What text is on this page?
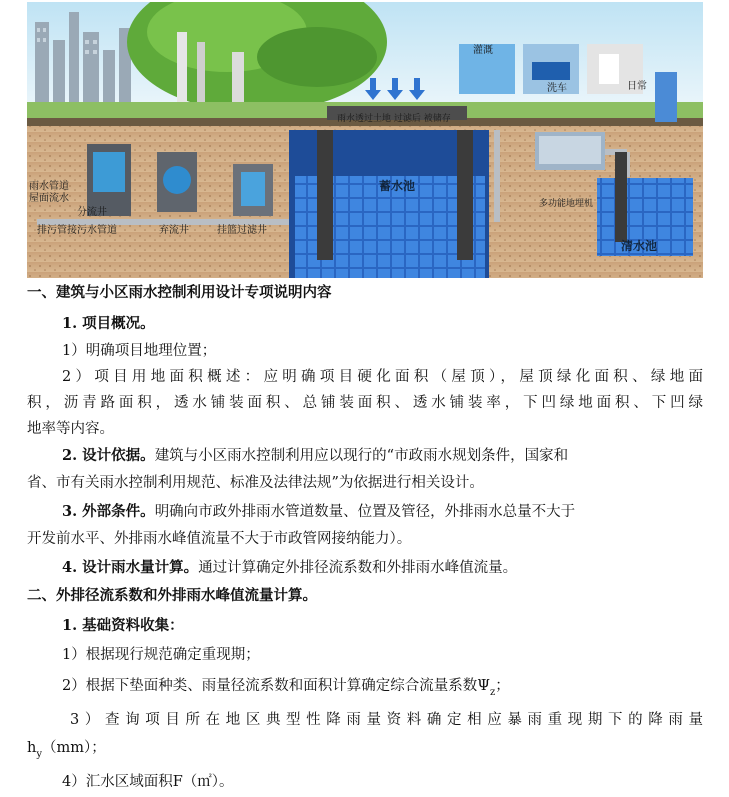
雨水透过土地 过滤后 被储存
灌溉
洗车	日常
蓄水池
清水池
雨水管道
屋面流水
分流井
排污管接污水管道	弃流井	挂篮过滤井
多功能地埋机
一、建筑与小区雨水控制利用设计专项说明内容
1. 项目概况。
1）明确项目地理位置；
2）项目用地面积概述：应明确项目硬化面积（屋顶），屋顶绿化面积、绿地面
积，沥青路面积，透水铺装面积、总铺装面积、透水铺装率，下凹绿地面积、下凹绿
地率等内容。
2. 设计依据。建筑与小区雨水控制利用应以现行的“市政雨水规划条件，国家和
省、市有关雨水控制利用规范、标准及法律法规”为依据进行相关设计。
3. 外部条件。明确向市政外排雨水管道数量、位置及管径，外排雨水总量不大于
开发前水平、外排雨水峰值流量不大于市政管网接纳能力）。
4. 设计雨水量计算。通过计算确定外排径流系数和外排雨水峰值流量。
二、外排径流系数和外排雨水峰值流量计算。
1. 基础资料收集：
1）根据现行规范确定重现期；
2）根据下垫面种类、雨量径流系数和面积计算确定综合流量系数$\Psi_z$；
3）查询项目所在地区典型性降雨量资料确定相应暴雨重现期下的降雨量
$h_y(mm)$；
4）汇水区域面积F（㎡）。
